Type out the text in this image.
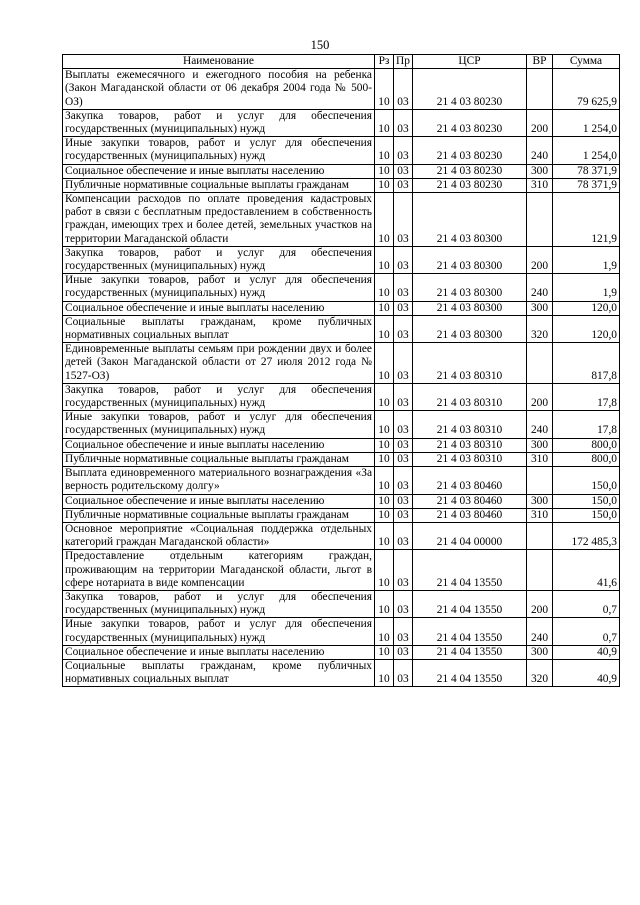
150
Наименование	Рз	Пр	ЦСР	ВР	Сумма
Выплаты ежемесячного и ежегодного пособия на ребенка (Закон Магаданской области от 06 декабря 2004 года № 500-ОЗ)	10	03	21 4 03 80230		79 625,9
Закупка товаров, работ и услуг для обеспечения государственных (муниципальных) нужд	10	03	21 4 03 80230	200	1 254,0
Иные закупки товаров, работ и услуг для обеспечения государственных (муниципальных) нужд	10	03	21 4 03 80230	240	1 254,0
Социальное обеспечение и иные выплаты населению	10	03	21 4 03 80230	300	78 371,9
Публичные нормативные социальные выплаты гражданам	10	03	21 4 03 80230	310	78 371,9
Компенсации расходов по оплате проведения кадастровых работ в связи с бесплатным предоставлением в собственность граждан, имеющих трех и более детей, земельных участков на территории Магаданской области	10	03	21 4 03 80300		121,9
Закупка товаров, работ и услуг для обеспечения государственных (муниципальных) нужд	10	03	21 4 03 80300	200	1,9
Иные закупки товаров, работ и услуг для обеспечения государственных (муниципальных) нужд	10	03	21 4 03 80300	240	1,9
Социальное обеспечение и иные выплаты населению	10	03	21 4 03 80300	300	120,0
Социальные выплаты гражданам, кроме публичных нормативных социальных выплат	10	03	21 4 03 80300	320	120,0
Единовременные выплаты семьям при рождении двух и более детей (Закон Магаданской области от 27 июля 2012 года № 1527-ОЗ)	10	03	21 4 03 80310		817,8
Закупка товаров, работ и услуг для обеспечения государственных (муниципальных) нужд	10	03	21 4 03 80310	200	17,8
Иные закупки товаров, работ и услуг для обеспечения государственных (муниципальных) нужд	10	03	21 4 03 80310	240	17,8
Социальное обеспечение и иные выплаты населению	10	03	21 4 03 80310	300	800,0
Публичные нормативные социальные выплаты гражданам	10	03	21 4 03 80310	310	800,0
Выплата единовременного материального вознаграждения «За верность родительскому долгу»	10	03	21 4 03 80460		150,0
Социальное обеспечение и иные выплаты населению	10	03	21 4 03 80460	300	150,0
Публичные нормативные социальные выплаты гражданам	10	03	21 4 03 80460	310	150,0
Основное мероприятие «Социальная поддержка отдельных категорий граждан Магаданской области»	10	03	21 4 04 00000		172 485,3
Предоставление отдельным категориям граждан, проживающим на территории Магаданской области, льгот в сфере нотариата в виде компенсации	10	03	21 4 04 13550		41,6
Закупка товаров, работ и услуг для обеспечения государственных (муниципальных) нужд	10	03	21 4 04 13550	200	0,7
Иные закупки товаров, работ и услуг для обеспечения государственных (муниципальных) нужд	10	03	21 4 04 13550	240	0,7
Социальное обеспечение и иные выплаты населению	10	03	21 4 04 13550	300	40,9
Социальные выплаты гражданам, кроме публичных нормативных социальных выплат	10	03	21 4 04 13550	320	40,9
